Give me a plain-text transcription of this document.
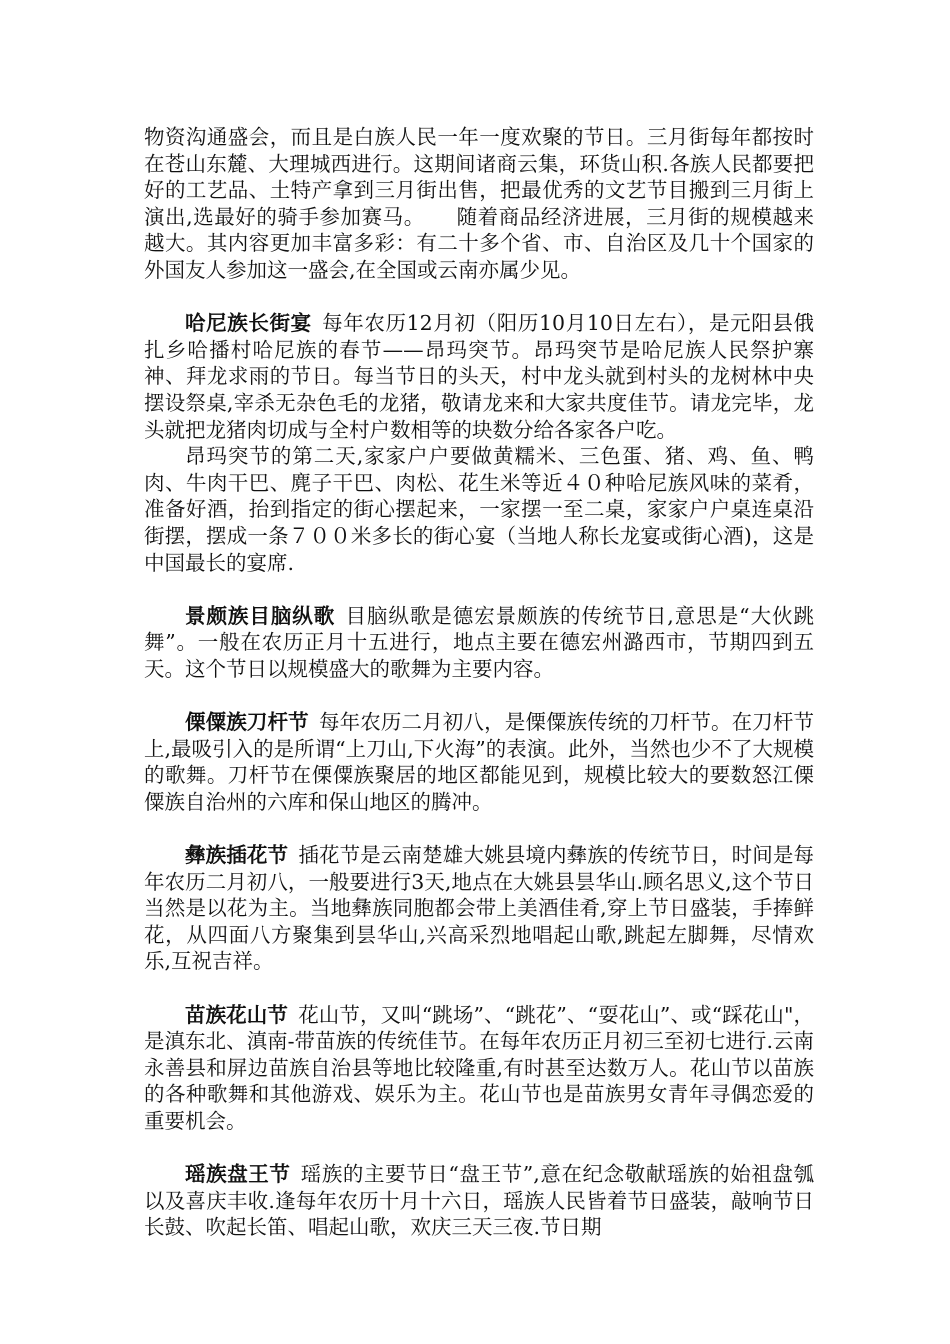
物资沟通盛会，而且是白族人民一年一度欢聚的节日。三月街每年都按时在苍山东麓、大理城西进行。这期间诸商云集，环货山积.各族人民都要把好的工艺品、土特产拿到三月街出售，把最优秀的文艺节目搬到三月街上演出,选最好的骑手参加赛马。　　随着商品经济进展，三月街的规模越来越大。其内容更加丰富多彩：有二十多个省、市、自治区及几十个国家的外国友人参加这一盛会,在全国或云南亦属少见。

哈尼族长街宴 每年农历12月初（阳历10月10日左右），是元阳县俄扎乡哈播村哈尼族的春节——昂玛突节。昂玛突节是哈尼族人民祭护寨神、拜龙求雨的节日。每当节日的头天，村中龙头就到村头的龙树林中央摆设祭桌,宰杀无杂色毛的龙猪，敬请龙来和大家共度佳节。请龙完毕，龙头就把龙猪肉切成与全村户数相等的块数分给各家各户吃。

昂玛突节的第二天,家家户户要做黄糯米、三色蛋、猪、鸡、鱼、鸭肉、牛肉干巴、麂子干巴、肉松、花生米等近４０种哈尼族风味的菜肴，准备好酒，抬到指定的街心摆起来，一家摆一至二桌，家家户户桌连桌沿街摆，摆成一条７００米多长的街心宴（当地人称长龙宴或街心酒)，这是中国最长的宴席.

景颇族目脑纵歌 目脑纵歌是德宏景颇族的传统节日,意思是“大伙跳舞”。一般在农历正月十五进行，地点主要在德宏州潞西市，节期四到五天。这个节日以规模盛大的歌舞为主要内容。

傈僳族刀杆节 每年农历二月初八，是傈僳族传统的刀杆节。在刀杆节上,最吸引入的是所谓“上刀山,下火海”的表演。此外，当然也少不了大规模的歌舞。刀杆节在傈僳族聚居的地区都能见到，规模比较大的要数怒江傈僳族自治州的六库和保山地区的腾冲。

彝族插花节 插花节是云南楚雄大姚县境内彝族的传统节日，时间是每年农历二月初八，一般要进行3天,地点在大姚县昙华山.顾名思义,这个节日当然是以花为主。当地彝族同胞都会带上美酒佳肴,穿上节日盛装，手捧鲜花，从四面八方聚集到昙华山,兴高采烈地唱起山歌,跳起左脚舞，尽情欢乐,互祝吉祥。

苗族花山节 花山节，又叫“跳场”、“跳花”、“耍花山”、或“踩花山"，是滇东北、滇南-带苗族的传统佳节。在每年农历正月初三至初七进行.云南永善县和屏边苗族自治县等地比较隆重,有时甚至达数万人。花山节以苗族的各种歌舞和其他游戏、娱乐为主。花山节也是苗族男女青年寻偶恋爱的重要机会。

瑶族盘王节 瑶族的主要节日“盘王节”,意在纪念敬献瑶族的始祖盘瓠以及喜庆丰收.逢每年农历十月十六日，瑶族人民皆着节日盛装，敲响节日长鼓、吹起长笛、唱起山歌，欢庆三天三夜.节日期
